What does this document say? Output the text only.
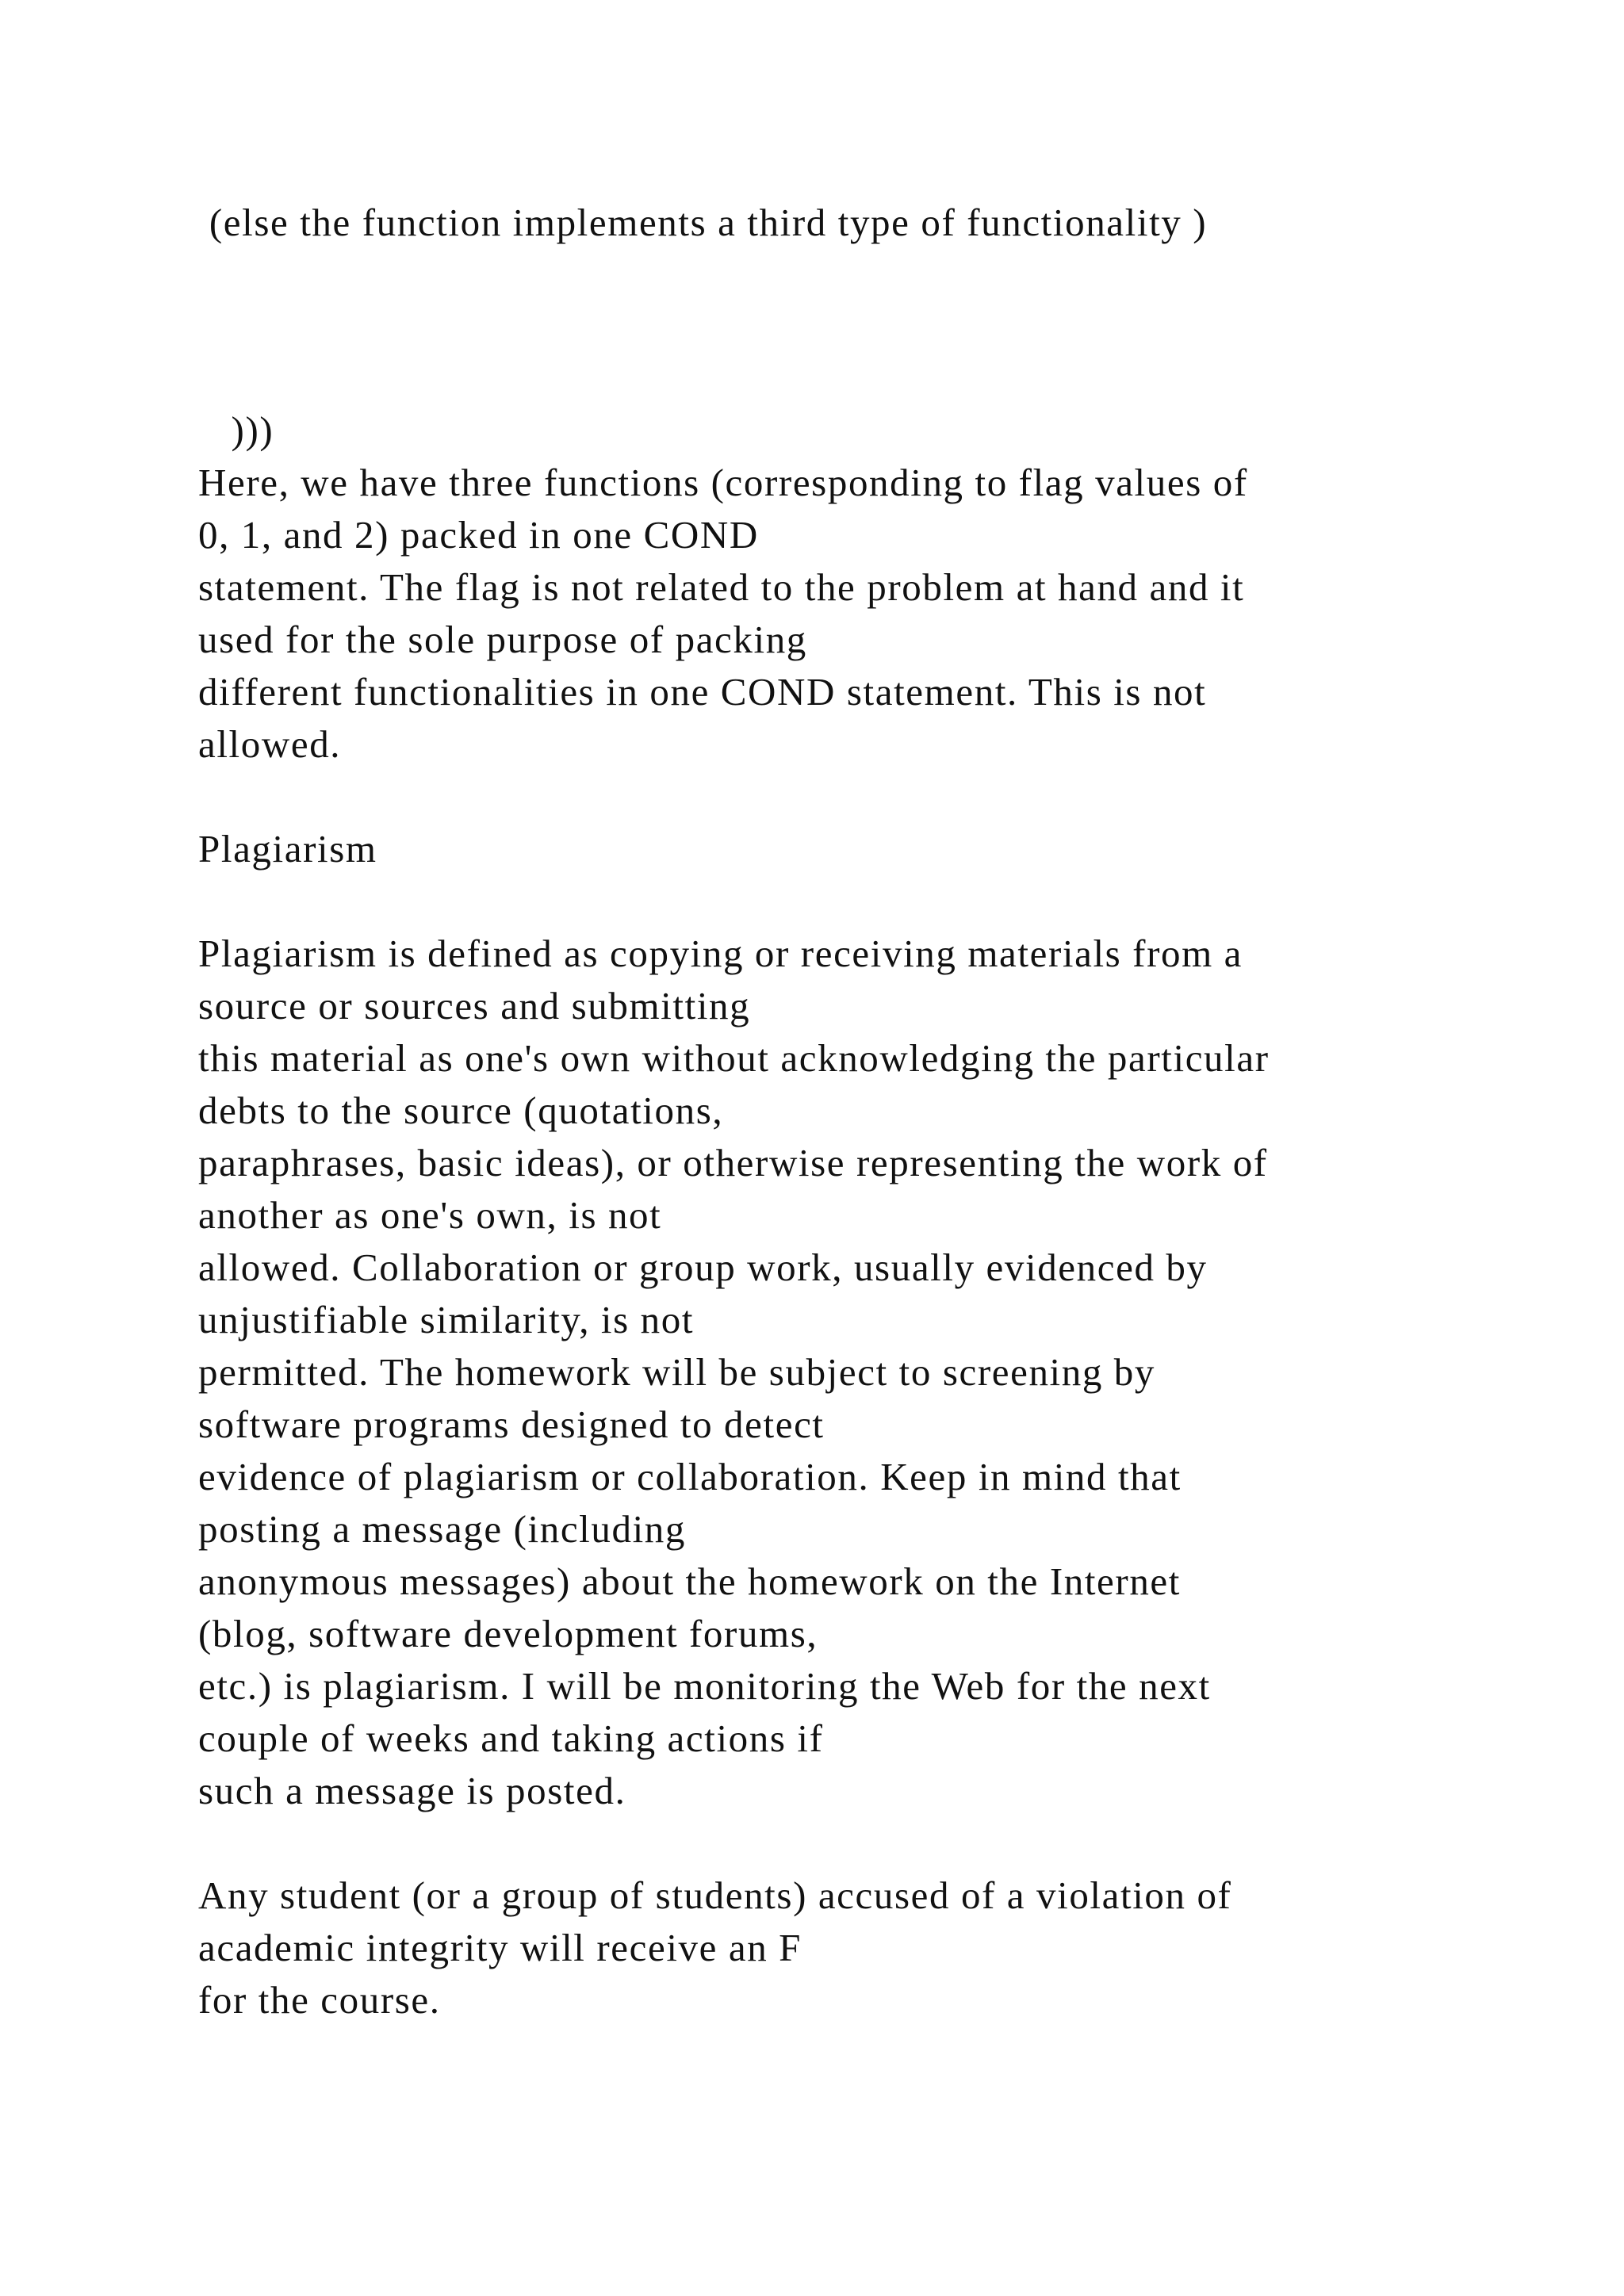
(else the function implements a third type of functionality )

)))

Here, we have three functions (corresponding to flag values of

0, 1, and 2) packed in one COND

statement. The flag is not related to the problem at hand and it

used for the sole purpose of packing

different functionalities in one COND statement. This is not

allowed.

Plagiarism

Plagiarism is defined as copying or receiving materials from a

source or sources and submitting

this material as one's own without acknowledging the particular

debts to the source (quotations,

paraphrases, basic ideas), or otherwise representing the work of

another as one's own, is not

allowed. Collaboration or group work, usually evidenced by

unjustifiable similarity, is not

permitted. The homework will be subject to screening by

software programs designed to detect

evidence of plagiarism or collaboration. Keep in mind that

posting a message (including

anonymous messages) about the homework on the Internet

(blog, software development forums,

etc.) is plagiarism. I will be monitoring the Web for the next

couple of weeks and taking actions if

such a message is posted.

Any student (or a group of students) accused of a violation of

academic integrity will receive an F

for the course.
